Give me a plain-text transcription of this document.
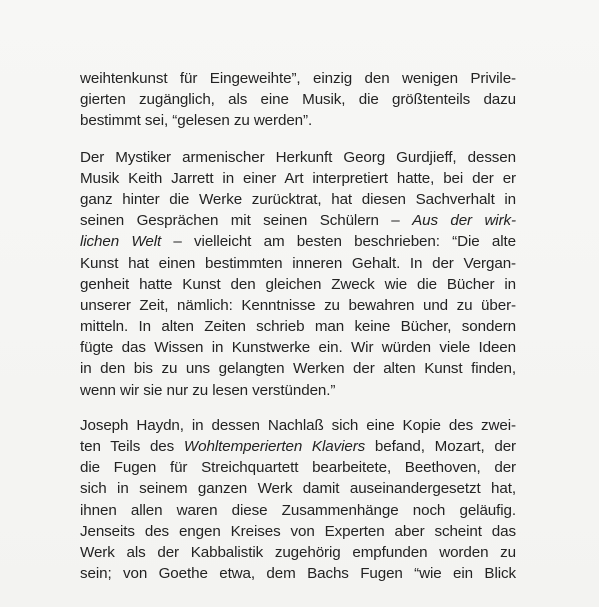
weihtenkunst für Eingeweihte”, einzig den wenigen Privile-
gierten zugänglich, als eine Musik, die größtenteils dazu
bestimmt sei, “gelesen zu werden”.
Der Mystiker armenischer Herkunft Georg Gurdjieff, dessen
Musik Keith Jarrett in einer Art interpretiert hatte, bei der er
ganz hinter die Werke zurücktrat, hat diesen Sachverhalt in
seinen Gesprächen mit seinen Schülern – Aus der wirk-
lichen Welt – vielleicht am besten beschrieben: “Die alte
Kunst hat einen bestimmten inneren Gehalt. In der Vergan-
genheit hatte Kunst den gleichen Zweck wie die Bücher in
unserer Zeit, nämlich: Kenntnisse zu bewahren und zu über-
mitteln. In alten Zeiten schrieb man keine Bücher, sondern
fügte das Wissen in Kunstwerke ein. Wir würden viele Ideen
in den bis zu uns gelangten Werken der alten Kunst finden,
wenn wir sie nur zu lesen verstünden.”
Joseph Haydn, in dessen Nachlaß sich eine Kopie des zwei-
ten Teils des Wohltemperierten Klaviers befand, Mozart, der
die Fugen für Streichquartett bearbeitete, Beethoven, der
sich in seinem ganzen Werk damit auseinandergesetzt hat,
ihnen allen waren diese Zusammenhänge noch geläufig.
Jenseits des engen Kreises von Experten aber scheint das
Werk als der Kabbalistik zugehörig empfunden worden zu
sein; von Goethe etwa, dem Bachs Fugen “wie ein Blick
